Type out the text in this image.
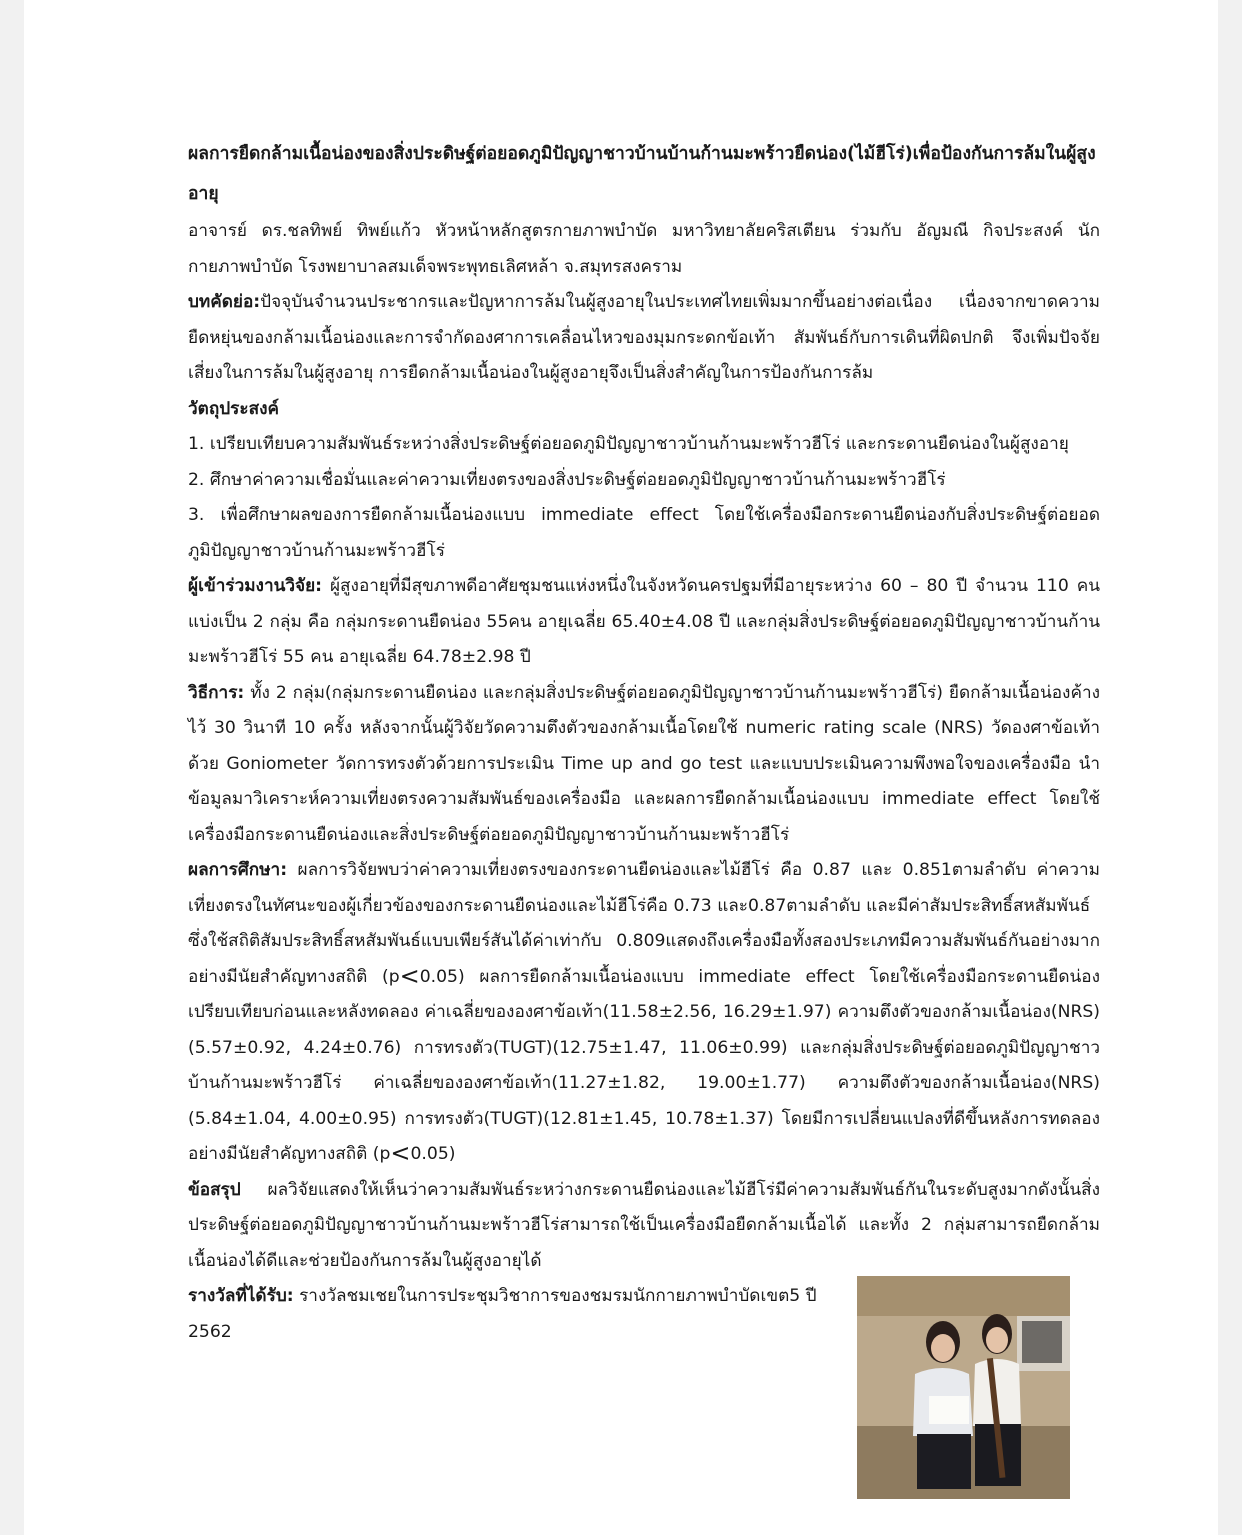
ผลการยืดกล้ามเนื้อน่องของสิ่งประดิษฐ์ต่อยอดภูมิปัญญาชาวบ้านบ้านก้านมะพร้าวยืดน่อง(ไม้ฮีโร่)เพื่อป้องกันการล้มในผู้สูงอายุ
อาจารย์ ดร.ชลทิพย์ ทิพย์แก้ว หัวหน้าหลักสูตรกายภาพบำบัด มหาวิทยาลัยคริสเตียน ร่วมกับ อัญมณี กิจประสงค์ นักกายภาพบำบัด โรงพยาบาลสมเด็จพระพุทธเลิศหล้า จ.สมุทรสงคราม
บทคัดย่อ:ปัจจุบันจำนวนประชากรและปัญหาการล้มในผู้สูงอายุในประเทศไทยเพิ่มมากขึ้นอย่างต่อเนื่อง เนื่องจากขาดความยืดหยุ่นของกล้ามเนื้อน่องและการจำกัดองศาการเคลื่อนไหวของมุมกระดกข้อเท้า สัมพันธ์กับการเดินที่ผิดปกติ จึงเพิ่มปัจจัยเสี่ยงในการล้มในผู้สูงอายุ การยืดกล้ามเนื้อน่องในผู้สูงอายุจึงเป็นสิ่งสำคัญในการป้องกันการล้ม
วัตถุประสงค์
1. เปรียบเทียบความสัมพันธ์ระหว่างสิ่งประดิษฐ์ต่อยอดภูมิปัญญาชาวบ้านก้านมะพร้าวฮีโร่ และกระดานยืดน่องในผู้สูงอายุ
2. ศึกษาค่าความเชื่อมั่นและค่าความเที่ยงตรงของสิ่งประดิษฐ์ต่อยอดภูมิปัญญาชาวบ้านก้านมะพร้าวฮีโร่
3. เพื่อศึกษาผลของการยืดกล้ามเนื้อน่องแบบ immediate effect โดยใช้เครื่องมือกระดานยืดน่องกับสิ่งประดิษฐ์ต่อยอดภูมิปัญญาชาวบ้านก้านมะพร้าวฮีโร่
ผู้เข้าร่วมงานวิจัย: ผู้สูงอายุที่มีสุขภาพดีอาศัยชุมชนแห่งหนึ่งในจังหวัดนครปฐมที่มีอายุระหว่าง 60 – 80 ปี จำนวน 110 คน แบ่งเป็น 2 กลุ่ม คือ กลุ่มกระดานยืดน่อง 55คน อายุเฉลี่ย 65.40±4.08 ปี และกลุ่มสิ่งประดิษฐ์ต่อยอดภูมิปัญญาชาวบ้านก้านมะพร้าวฮีโร่ 55 คน อายุเฉลี่ย 64.78±2.98 ปี
วิธีการ: ทั้ง 2 กลุ่ม(กลุ่มกระดานยืดน่อง และกลุ่มสิ่งประดิษฐ์ต่อยอดภูมิปัญญาชาวบ้านก้านมะพร้าวฮีโร่) ยืดกล้ามเนื้อน่องค้างไว้ 30 วินาที 10 ครั้ง หลังจากนั้นผู้วิจัยวัดความตึงตัวของกล้ามเนื้อโดยใช้ numeric rating scale (NRS) วัดองศาข้อเท้าด้วย Goniometer วัดการทรงตัวด้วยการประเมิน Time up and go test และแบบประเมินความพึงพอใจของเครื่องมือ นำข้อมูลมาวิเคราะห์ความเที่ยงตรงความสัมพันธ์ของเครื่องมือ และผลการยืดกล้ามเนื้อน่องแบบ immediate effect โดยใช้เครื่องมือกระดานยืดน่องและสิ่งประดิษฐ์ต่อยอดภูมิปัญญาชาวบ้านก้านมะพร้าวฮีโร่
ผลการศึกษา: ผลการวิจัยพบว่าค่าความเที่ยงตรงของกระดานยืดน่องและไม้ฮีโร่ คือ 0.87 และ 0.851ตามลำดับ ค่าความเที่ยงตรงในทัศนะของผู้เกี่ยวข้องของกระดานยืดน่องและไม้ฮีโร่คือ 0.73 และ0.87ตามลำดับ และมีค่าสัมประสิทธิ์สหสัมพันธ์
ซึ่งใช้สถิติสัมประสิทธิ์สหสัมพันธ์แบบเพียร์สันได้ค่าเท่ากับ 0.809แสดงถึงเครื่องมือทั้งสองประเภทมีความสัมพันธ์กันอย่างมากอย่างมีนัยสำคัญทางสถิติ (p<0.05) ผลการยืดกล้ามเนื้อน่องแบบ immediate effect โดยใช้เครื่องมือกระดานยืดน่องเปรียบเทียบก่อนและหลังทดลอง ค่าเฉลี่ยขององศาข้อเท้า(11.58±2.56, 16.29±1.97) ความตึงตัวของกล้ามเนื้อน่อง(NRS)(5.57±0.92, 4.24±0.76) การทรงตัว(TUGT)(12.75±1.47, 11.06±0.99) และกลุ่มสิ่งประดิษฐ์ต่อยอดภูมิปัญญาชาวบ้านก้านมะพร้าวฮีโร่ ค่าเฉลี่ยขององศาข้อเท้า(11.27±1.82, 19.00±1.77) ความตึงตัวของกล้ามเนื้อน่อง(NRS)(5.84±1.04, 4.00±0.95) การทรงตัว(TUGT)(12.81±1.45, 10.78±1.37) โดยมีการเปลี่ยนแปลงที่ดีขึ้นหลังการทดลองอย่างมีนัยสำคัญทางสถิติ (p<0.05)
ข้อสรุป ผลวิจัยแสดงให้เห็นว่าความสัมพันธ์ระหว่างกระดานยืดน่องและไม้ฮีโร่มีค่าความสัมพันธ์กันในระดับสูงมากดังนั้นสิ่งประดิษฐ์ต่อยอดภูมิปัญญาชาวบ้านก้านมะพร้าวฮีโร่สามารถใช้เป็นเครื่องมือยืดกล้ามเนื้อได้ และทั้ง 2 กลุ่มสามารถยืดกล้ามเนื้อน่องได้ดีและช่วยป้องกันการล้มในผู้สูงอายุได้
รางวัลที่ได้รับ: รางวัลชมเชยในการประชุมวิชาการของชมรมนักกายภาพบำบัดเขต5 ปี 2562
